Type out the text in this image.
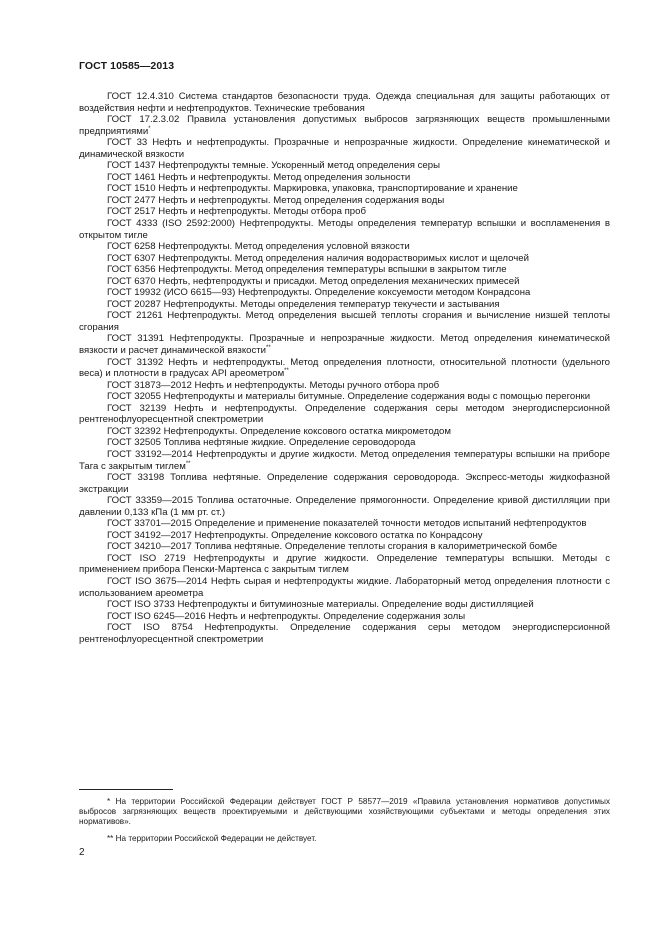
ГОСТ 10585—2013

ГОСТ 12.4.310 Система стандартов безопасности труда. Одежда специальная для защиты работающих от воздействия нефти и нефтепродуктов. Технические требования

ГОСТ 17.2.3.02 Правила установления допустимых выбросов загрязняющих веществ промышленными предприятиями*

ГОСТ 33 Нефть и нефтепродукты. Прозрачные и непрозрачные жидкости. Определение кинематической и динамической вязкости

ГОСТ 1437 Нефтепродукты темные. Ускоренный метод определения серы

ГОСТ 1461 Нефть и нефтепродукты. Метод определения зольности

ГОСТ 1510 Нефть и нефтепродукты. Маркировка, упаковка, транспортирование и хранение

ГОСТ 2477 Нефть и нефтепродукты. Метод определения содержания воды

ГОСТ 2517 Нефть и нефтепродукты. Методы отбора проб

ГОСТ 4333 (ISO 2592:2000) Нефтепродукты. Методы определения температур вспышки и воспламенения в открытом тигле

ГОСТ 6258 Нефтепродукты. Метод определения условной вязкости

ГОСТ 6307 Нефтепродукты. Метод определения наличия водорастворимых кислот и щелочей

ГОСТ 6356 Нефтепродукты. Метод определения температуры вспышки в закрытом тигле

ГОСТ 6370 Нефть, нефтепродукты и присадки. Метод определения механических примесей

ГОСТ 19932 (ИСО 6615—93) Нефтепродукты. Определение коксуемости методом Конрадсона

ГОСТ 20287 Нефтепродукты. Методы определения температур текучести и застывания

ГОСТ 21261 Нефтепродукты. Метод определения высшей теплоты сгорания и вычисление низшей теплоты сгорания

ГОСТ 31391 Нефтепродукты. Прозрачные и непрозрачные жидкости. Метод определения кинематической вязкости и расчет динамической вязкости**

ГОСТ 31392 Нефть и нефтепродукты. Метод определения плотности, относительной плотности (удельного веса) и плотности в градусах API ареометром**

ГОСТ 31873—2012 Нефть и нефтепродукты. Методы ручного отбора проб

ГОСТ 32055 Нефтепродукты и материалы битумные. Определение содержания воды с помощью перегонки

ГОСТ 32139 Нефть и нефтепродукты. Определение содержания серы методом энергодисперсионной рентгенофлуоресцентной спектрометрии

ГОСТ 32392 Нефтепродукты. Определение коксового остатка микрометодом

ГОСТ 32505 Топлива нефтяные жидкие. Определение сероводорода

ГОСТ 33192—2014 Нефтепродукты и другие жидкости. Метод определения температуры вспышки на приборе Тага с закрытым тиглем**

ГОСТ 33198 Топлива нефтяные. Определение содержания сероводорода. Экспресс-методы жидкофазной экстракции

ГОСТ 33359—2015 Топлива остаточные. Определение прямогонности. Определение кривой дистилляции при давлении 0,133 кПа (1 мм рт. ст.)

ГОСТ 33701—2015 Определение и применение показателей точности методов испытаний нефтепродуктов

ГОСТ 34192—2017 Нефтепродукты. Определение коксового остатка по Конрадсону

ГОСТ 34210—2017 Топлива нефтяные. Определение теплоты сгорания в калориметрической бомбе

ГОСТ ISO 2719 Нефтепродукты и другие жидкости. Определение температуры вспышки. Методы с применением прибора Пенски-Мартенса с закрытым тиглем

ГОСТ ISO 3675—2014 Нефть сырая и нефтепродукты жидкие. Лабораторный метод определения плотности с использованием ареометра

ГОСТ ISO 3733 Нефтепродукты и битуминозные материалы. Определение воды дистилляцией

ГОСТ ISO 6245—2016 Нефть и нефтепродукты. Определение содержания золы

ГОСТ ISO 8754 Нефтепродукты. Определение содержания серы методом энергодисперсионной рентгенофлуоресцентной спектрометрии

* На территории Российской Федерации действует ГОСТ Р 58577—2019 «Правила установления нормативов допустимых выбросов загрязняющих веществ проектируемыми и действующими хозяйствующими субъектами и методы определения этих нормативов».

** На территории Российской Федерации не действует.

2
